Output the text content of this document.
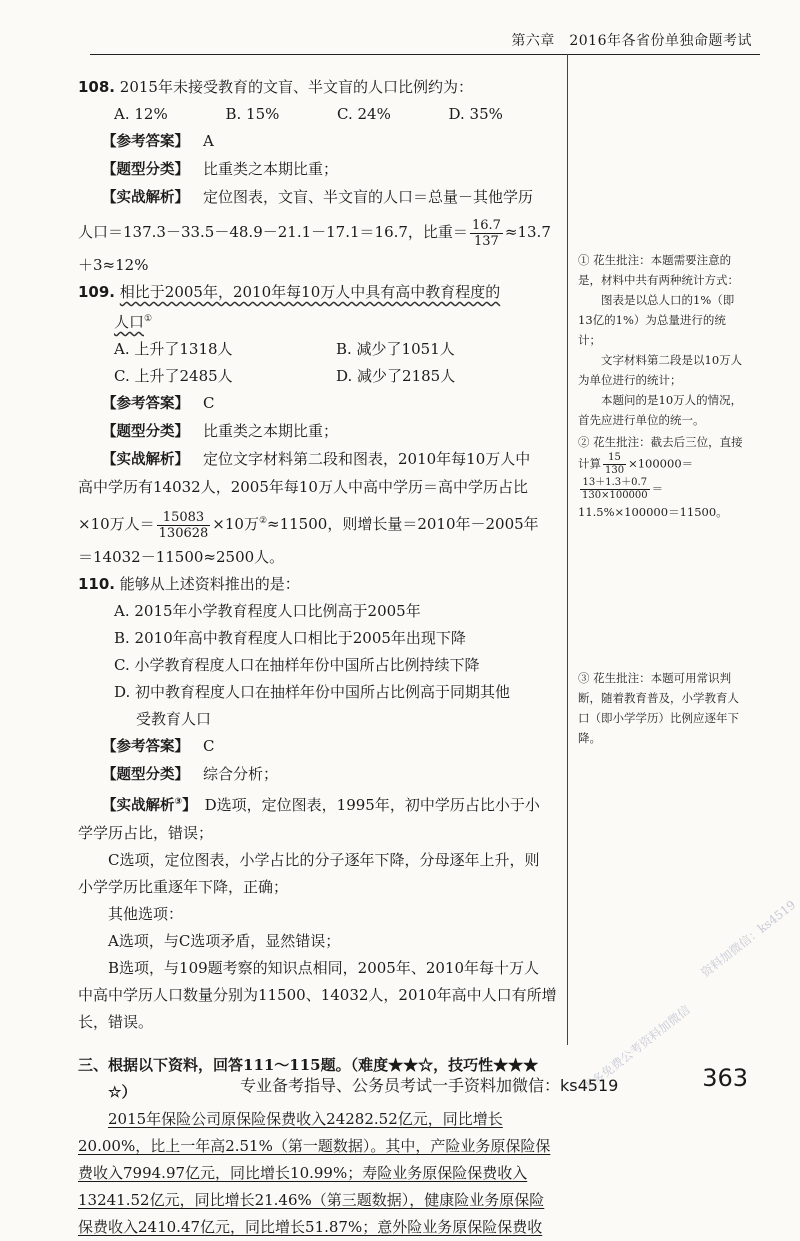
第六章　2016年各省份单独命题考试

108. 2015年未接受教育的文盲、半文盲的人口比例约为：

A. 12%	B. 15%	C. 24%	D. 35%

【参考答案】 A

【题型分类】 比重类之本期比重；

【实战解析】 定位图表，文盲、半文盲的人口＝总量－其他学历

人口＝137.3－33.5－48.9－21.1－17.1＝16.7，比重＝ $\frac{16.7}{137} \approx 13.7$

＋3≈12%

109. 相比于2005年，2010年每10万人中具有高中教育程度的

人口①

A. 上升了1318人	B. 减少了1051人
C. 上升了2485人	D. 减少了2185人

【参考答案】 C

【题型分类】 比重类之本期比重；

【实战解析】 定位文字材料第二段和图表，2010年每10万人中

高中学历有14032人，2005年每10万人中高中学历＝高中学历占比

×10万人＝ $\frac{15083}{130628} \times 10$万②≈11500，则增长量＝2010年－2005年

＝14032－11500≈2500人。

110. 能够从上述资料推出的是：

A. 2015年小学教育程度人口比例高于2005年

B. 2010年高中教育程度人口相比于2005年出现下降

C. 小学教育程度人口在抽样年份中国所占比例持续下降

D. 初中教育程度人口在抽样年份中国所占比例高于同期其他

受教育人口

【参考答案】 C

【题型分类】 综合分析；

【实战解析③】 D选项，定位图表，1995年，初中学历占比小于小

学学历占比，错误；

C选项，定位图表，小学占比的分子逐年下降，分母逐年上升，则

小学学历比重逐年下降，正确；

其他选项：

A选项，与C选项矛盾，显然错误；

B选项，与109题考察的知识点相同，2005年、2010年每十万人

中高中学历人口数量分别为11500、14032人，2010年高中人口有所增

长，错误。

三、根据以下资料，回答111～115题。（难度★★☆，技巧性★★★

☆）

2015年保险公司原保险保费收入24282.52亿元，同比增长

20.00%，比上一年高2.51%（第一题数据）。其中，产险业务原保险保

费收入7994.97亿元，同比增长10.99%；寿险业务原保险保费收入

13241.52亿元，同比增长21.46%（第三题数据），健康险业务原保险

保费收入2410.47亿元，同比增长51.87%；意外险业务原保险保费收

① 花生批注：本题需要注意的是，材料中共有两种统计方式：

图表是以总人口的1%（即13亿的1%）为总量进行的统计；

文字材料第二段是以10万人为单位进行的统计；

本题问的是10万人的情况，首先应进行单位的统一。

② 花生批注：截去后三位，直接计算 $\frac{15}{130} \times 100000=$

$\frac{13+1.3+0.7}{130\times 100000} =11.5\%\times 100000=11500$。

③ 花生批注：本题可用常识判断，随着教育普及，小学教育人口（即小学学历）比例应逐年下降。
资料加微信：ks4519
更多免费公考资料加微信
专业备考指导、公务员考试一手资料加微信：ks4519	363
